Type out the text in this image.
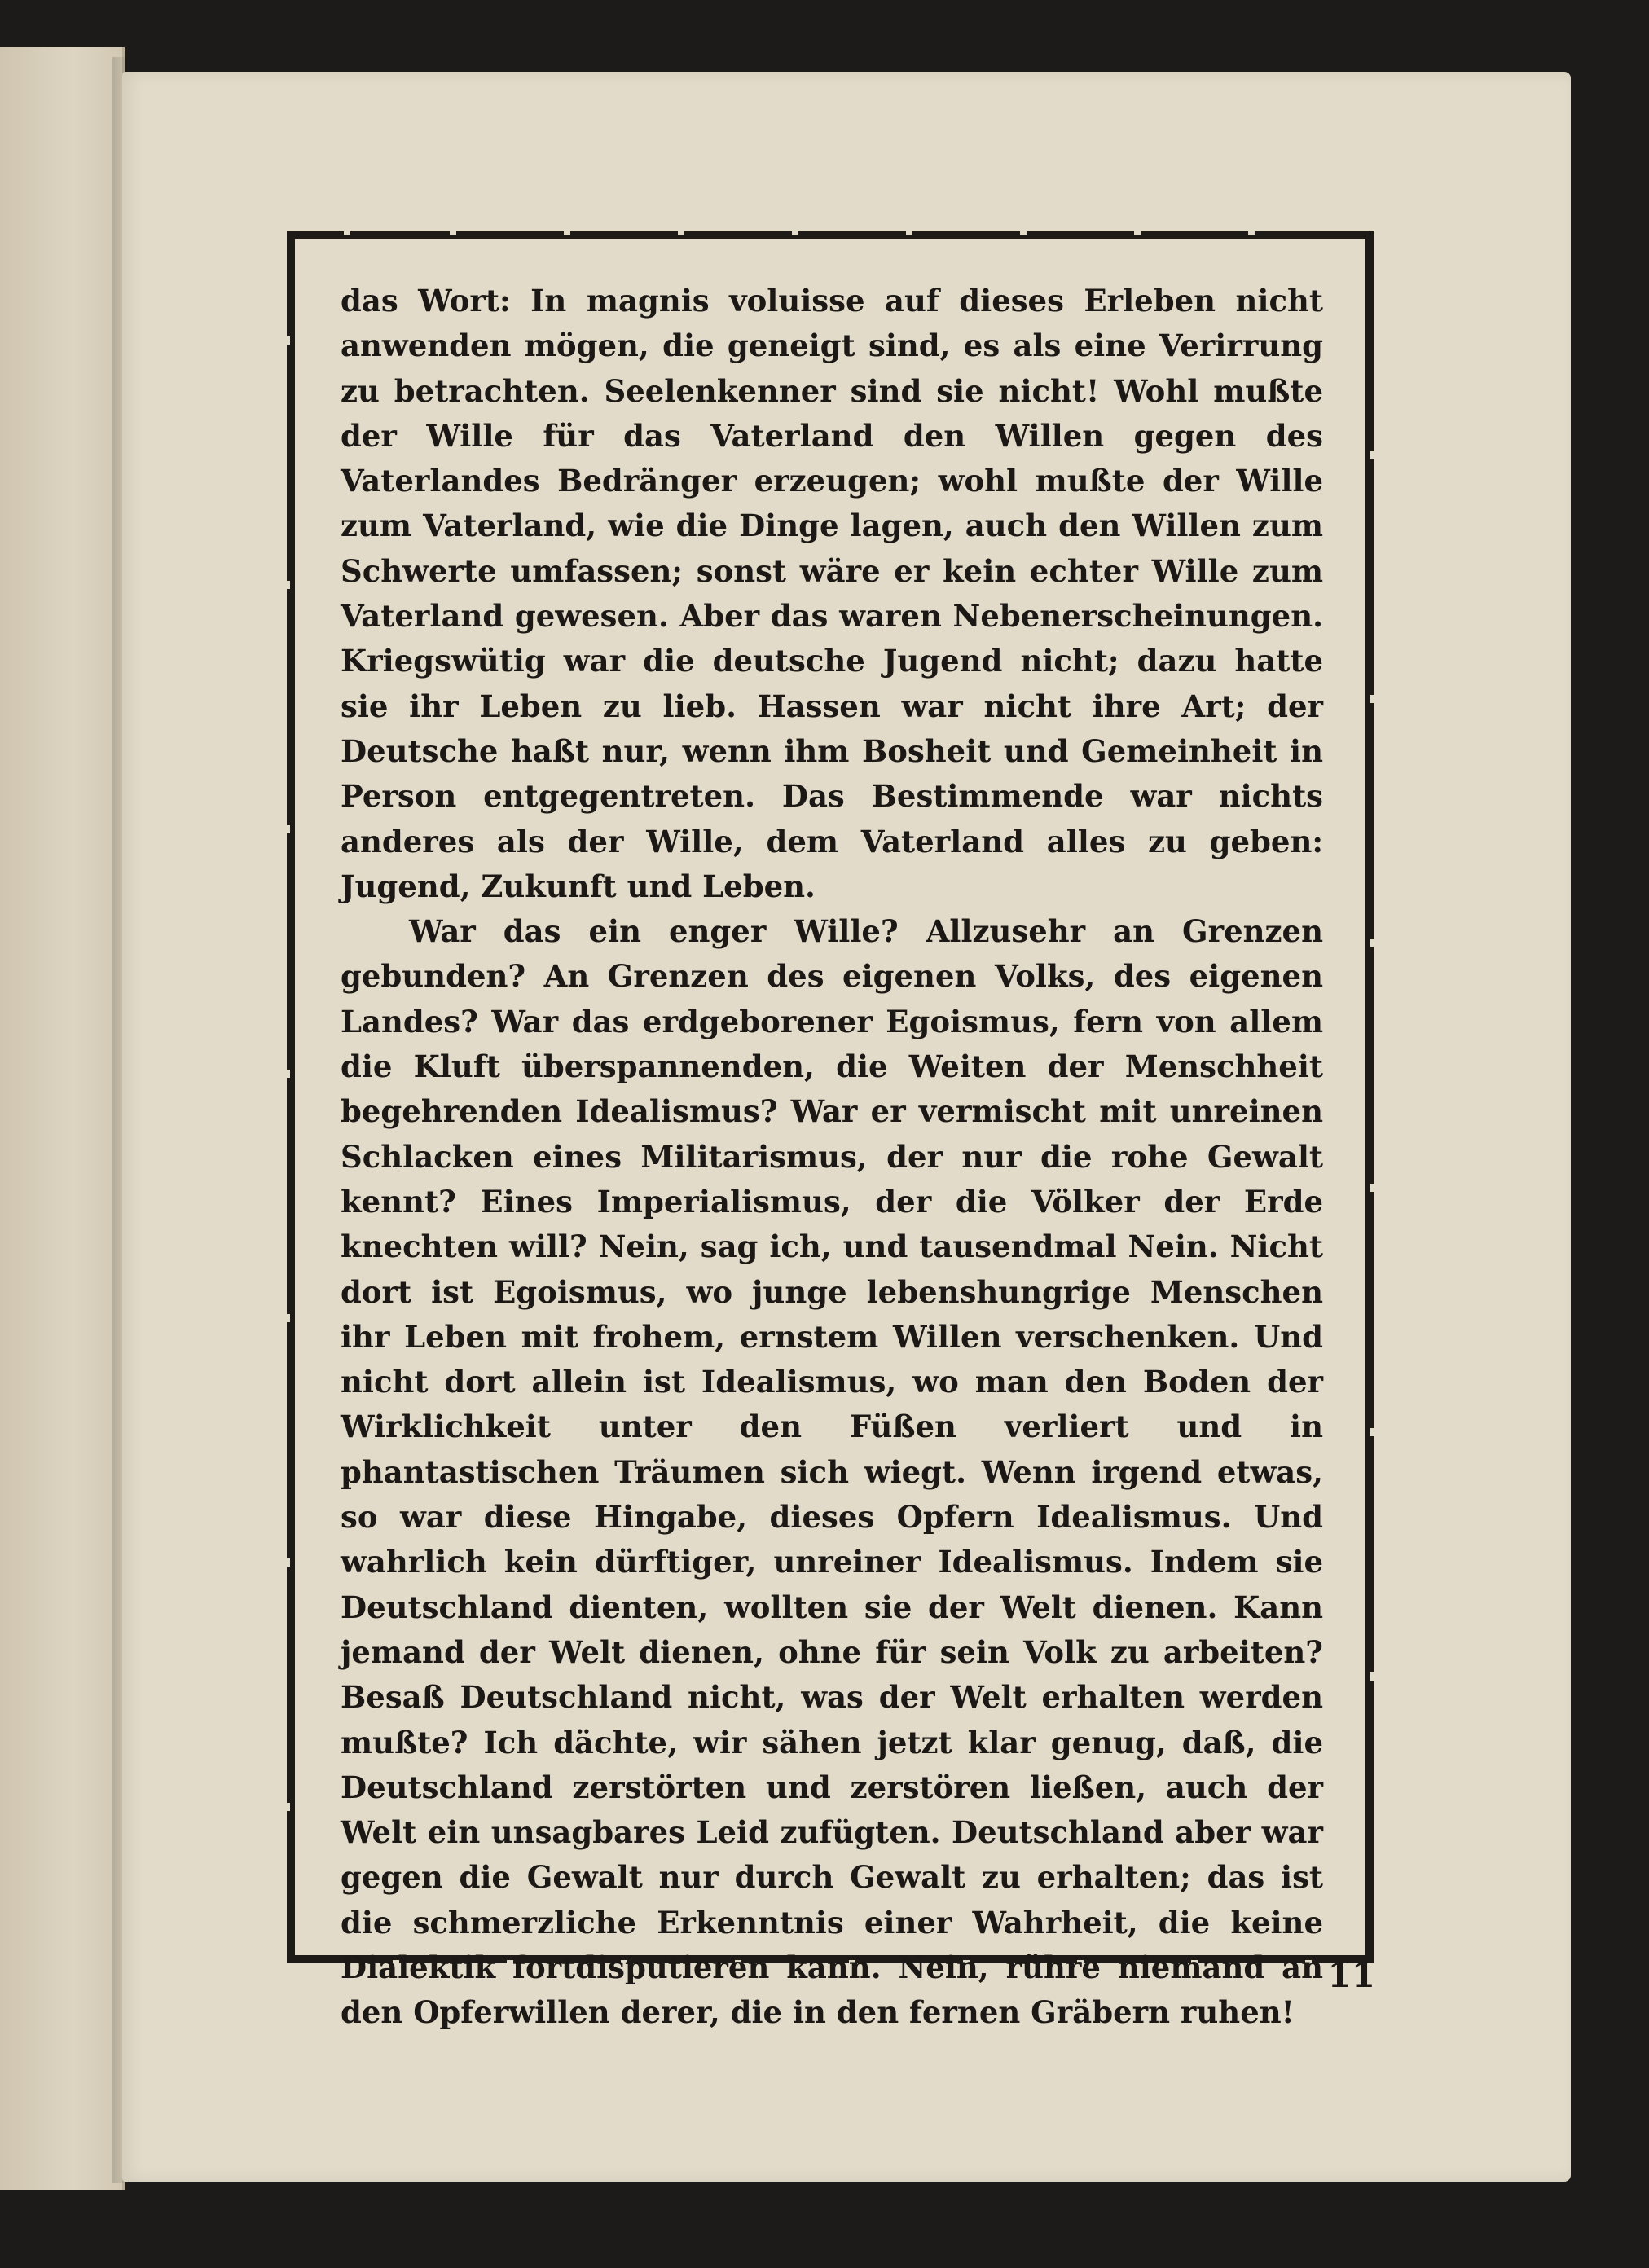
das Wort: In magnis voluisse auf dieses Erleben nicht anwenden mögen, die geneigt sind, es als eine Verirrung zu betrachten. Seelenkenner sind sie nicht! Wohl mußte der Wille für das Vaterland den Willen gegen des Vaterlandes Bedränger erzeugen; wohl mußte der Wille zum Vaterland, wie die Dinge lagen, auch den Willen zum Schwerte umfassen; sonst wäre er kein echter Wille zum Vaterland gewesen. Aber das waren Nebenerscheinungen. Kriegswütig war die deutsche Jugend nicht; dazu hatte sie ihr Leben zu lieb. Hassen war nicht ihre Art; der Deutsche haßt nur, wenn ihm Bosheit und Gemeinheit in Person entgegentreten. Das Bestimmende war nichts anderes als der Wille, dem Vaterland alles zu geben: Jugend, Zukunft und Leben.

War das ein enger Wille? Allzusehr an Grenzen gebunden? An Grenzen des eigenen Volks, des eigenen Landes? War das erdgeborener Egoismus, fern von allem die Kluft überspannenden, die Weiten der Menschheit begehrenden Idealismus? War er vermischt mit unreinen Schlacken eines Militarismus, der nur die rohe Gewalt kennt? Eines Imperialismus, der die Völker der Erde knechten will? Nein, sag ich, und tausendmal Nein. Nicht dort ist Egoismus, wo junge lebenshungrige Menschen ihr Leben mit frohem, ernstem Willen verschenken. Und nicht dort allein ist Idealismus, wo man den Boden der Wirklichkeit unter den Füßen verliert und in phantastischen Träumen sich wiegt. Wenn irgend etwas, so war diese Hingabe, dieses Opfern Idealismus. Und wahrlich kein dürftiger, unreiner Idealismus. Indem sie Deutschland dienten, wollten sie der Welt dienen. Kann jemand der Welt dienen, ohne für sein Volk zu arbeiten? Besaß Deutschland nicht, was der Welt erhalten werden mußte? Ich dächte, wir sähen jetzt klar genug, daß, die Deutschland zerstörten und zerstören ließen, auch der Welt ein unsagbares Leid zufügten. Deutschland aber war gegen die Gewalt nur durch Gewalt zu erhalten; das ist die schmerzliche Erkenntnis einer Wahrheit, die keine Dialektik fortdisputieren kann. Nein, rühre niemand an den Opferwillen derer, die in den fernen Gräbern ruhen!

11
